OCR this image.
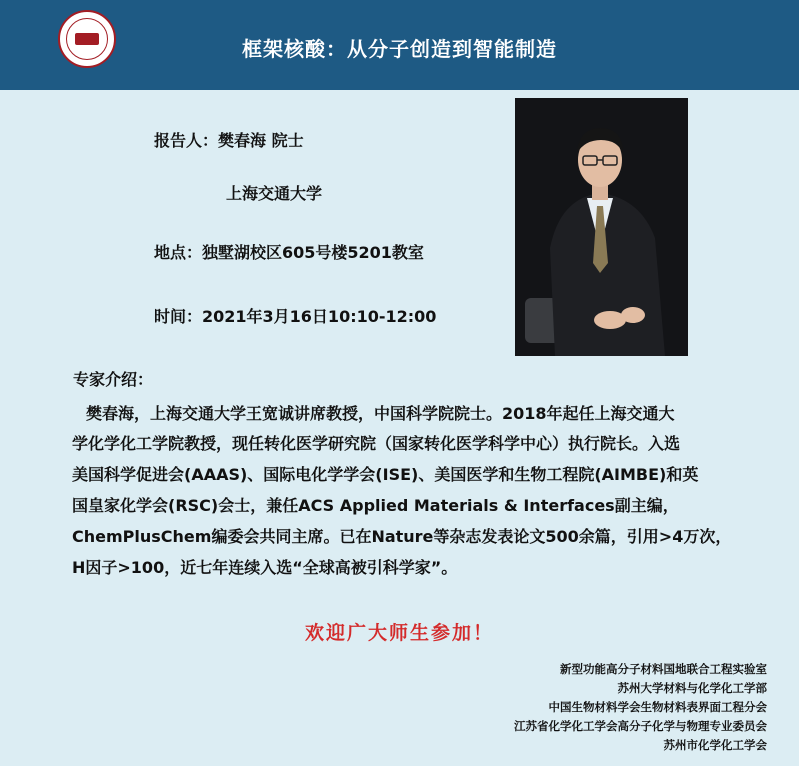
框架核酸：从分子创造到智能制造
报告人：樊春海 院士
上海交通大学
地点：独墅湖校区605号楼5201教室
时间：2021年3月16日10:10-12:00
专家介绍：
樊春海，上海交通大学王宽诚讲席教授，中国科学院院士。2018年起任上海交通大
学化学化工学院教授，现任转化医学研究院（国家转化医学科学中心）执行院长。入选
美国科学促进会(AAAS)、国际电化学学会(ISE)、美国医学和生物工程院(AIMBE)和英
国皇家化学会(RSC)会士，兼任ACS Applied Materials & Interfaces副主编，
ChemPlusChem编委会共同主席。已在Nature等杂志发表论文500余篇，引用>4万次，
H因子>100，近七年连续入选“全球高被引科学家”。
欢迎广大师生参加！
新型功能高分子材料国地联合工程实验室
苏州大学材料与化学化工学部
中国生物材料学会生物材料表界面工程分会
江苏省化学化工学会高分子化学与物理专业委员会
苏州市化学化工学会
